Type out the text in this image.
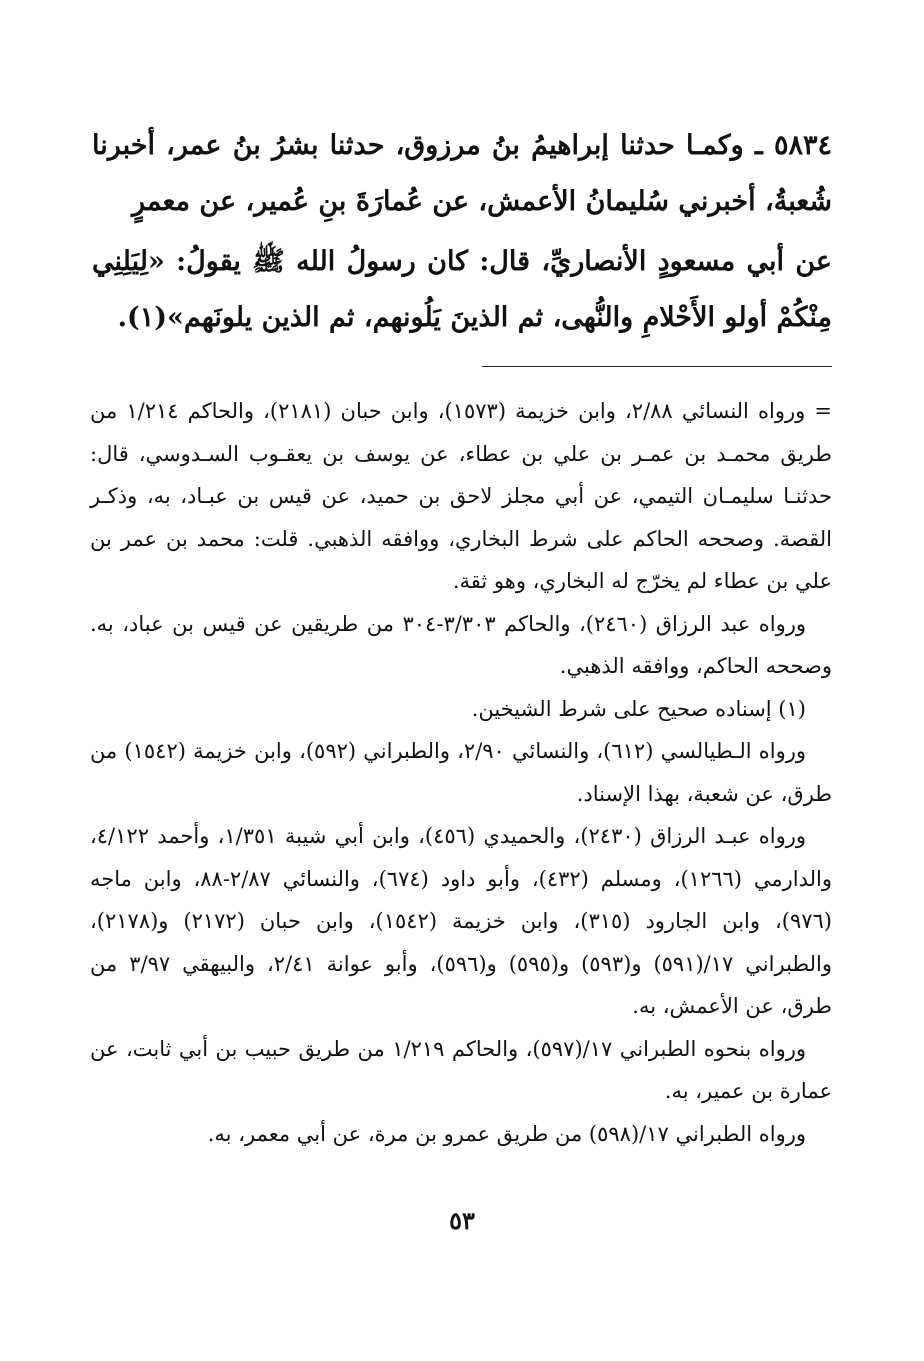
٥٨٣٤ ـ وكمـا حدثنا إبراهيمُ بنُ مرزوق، حدثنا بشرُ بنُ عمر، أخبرنا شُعبةُ، أخبرني سُليمانُ الأعمش، عن عُمارَةَ بنِ عُمير، عن معمرٍ

عن أبي مسعودٍ الأنصاريِّ، قال: كان رسولُ الله ﷺ يقولُ: «لِيَلِنِي مِنْكُمْ أولو الأَحْلامِ والنُّهى، ثم الذينَ يَلُونهم، ثم الذين يلونَهم»(١).

= ورواه النسائي ٢/٨٨، وابن خزيمة (١٥٧٣)، وابن حبان (٢١٨١)، والحاكم ١/٢١٤ من طريق محمـد بن عمـر بن علي بن عطاء، عن يوسف بن يعقـوب السـدوسي، قال: حدثنـا سليمـان التيمي، عن أبي مجلز لاحق بن حميد، عن قيس بن عبـاد، به، وذكـر القصة. وصححه الحاكم على شرط البخاري، ووافقه الذهبي. قلت: محمد بن عمر بن علي بن عطاء لم يخرّج له البخاري، وهو ثقة.

ورواه عبد الرزاق (٢٤٦٠)، والحاكم ٣/٣٠٣-٣٠٤ من طريقين عن قيس بن عباد، به. وصححه الحاكم، ووافقه الذهبي.

(١) إسناده صحيح على شرط الشيخين.

ورواه الـطيالسي (٦١٢)، والنسائي ٢/٩٠، والطبراني (٥٩٢)، وابن خزيمة (١٥٤٢) من طرق، عن شعبة، بهذا الإسناد.

ورواه عبـد الرزاق (٢٤٣٠)، والحميدي (٤٥٦)، وابن أبي شيبة ١/٣٥١، وأحمد ٤/١٢٢، والدارمي (١٢٦٦)، ومسلم (٤٣٢)، وأبو داود (٦٧٤)، والنسائي ٢/٨٧-٨٨، وابن ماجه (٩٧٦)، وابن الجارود (٣١٥)، وابن خزيمة (١٥٤٢)، وابن حبان (٢١٧٢) و(٢١٧٨)، والطبراني ١٧/(٥٩١) و(٥٩٣) و(٥٩٥) و(٥٩٦)، وأبو عوانة ٢/٤١، والبيهقي ٣/٩٧ من طرق، عن الأعمش، به.

ورواه بنحوه الطبراني ١٧/(٥٩٧)، والحاكم ١/٢١٩ من طريق حبيب بن أبي ثابت، عن عمارة بن عمير، به.

ورواه الطبراني ١٧/(٥٩٨) من طريق عمرو بن مرة، عن أبي معمر، به.

٥٣
